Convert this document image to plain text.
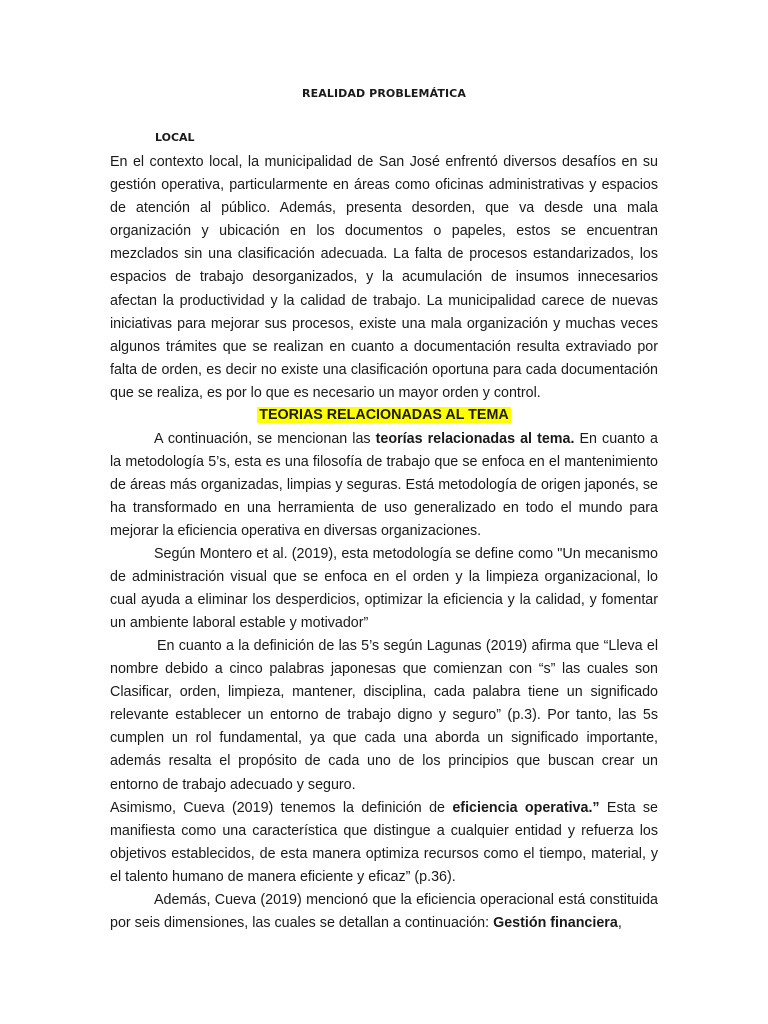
REALIDAD PROBLEMÁTICA
LOCAL
En el contexto local, la municipalidad de San José enfrentó diversos desafíos en su gestión operativa, particularmente en áreas como oficinas administrativas y espacios de atención al público. Además, presenta desorden, que va desde una mala organización y ubicación en los documentos o papeles, estos se encuentran mezclados sin una clasificación adecuada. La falta de procesos estandarizados, los espacios de trabajo desorganizados, y la acumulación de insumos innecesarios afectan la productividad y la calidad de trabajo. La municipalidad carece de nuevas iniciativas para mejorar sus procesos, existe una mala organización y muchas veces algunos trámites que se realizan en cuanto a documentación resulta extraviado por falta de orden, es decir no existe una clasificación oportuna para cada documentación que se realiza, es por lo que es necesario un mayor orden y control.
TEORIAS RELACIONADAS AL TEMA
A continuación, se mencionan las teorías relacionadas al tema. En cuanto a la metodología 5’s, esta es una filosofía de trabajo que se enfoca en el mantenimiento de áreas más organizadas, limpias y seguras. Está metodología de origen japonés, se ha transformado en una herramienta de uso generalizado en todo el mundo para mejorar la eficiencia operativa en diversas organizaciones.
Según Montero et al. (2019), esta metodología se define como "Un mecanismo de administración visual que se enfoca en el orden y la limpieza organizacional, lo cual ayuda a eliminar los desperdicios, optimizar la eficiencia y la calidad, y fomentar un ambiente laboral estable y motivador”
En cuanto a la definición de las 5’s según Lagunas (2019) afirma que “Lleva el nombre debido a cinco palabras japonesas que comienzan con “s” las cuales son Clasificar, orden, limpieza, mantener, disciplina, cada palabra tiene un significado relevante establecer un entorno de trabajo digno y seguro” (p.3). Por tanto, las 5s cumplen un rol fundamental, ya que cada una aborda un significado importante, además resalta el propósito de cada uno de los principios que buscan crear un entorno de trabajo adecuado y seguro.
Asimismo, Cueva (2019) tenemos la definición de eficiencia operativa.” Esta se manifiesta como una característica que distingue a cualquier entidad y refuerza los objetivos establecidos, de esta manera optimiza recursos como el tiempo, material, y el talento humano de manera eficiente y eficaz” (p.36).
Además, Cueva (2019) mencionó que la eficiencia operacional está constituida por seis dimensiones, las cuales se detallan a continuación: Gestión financiera,
